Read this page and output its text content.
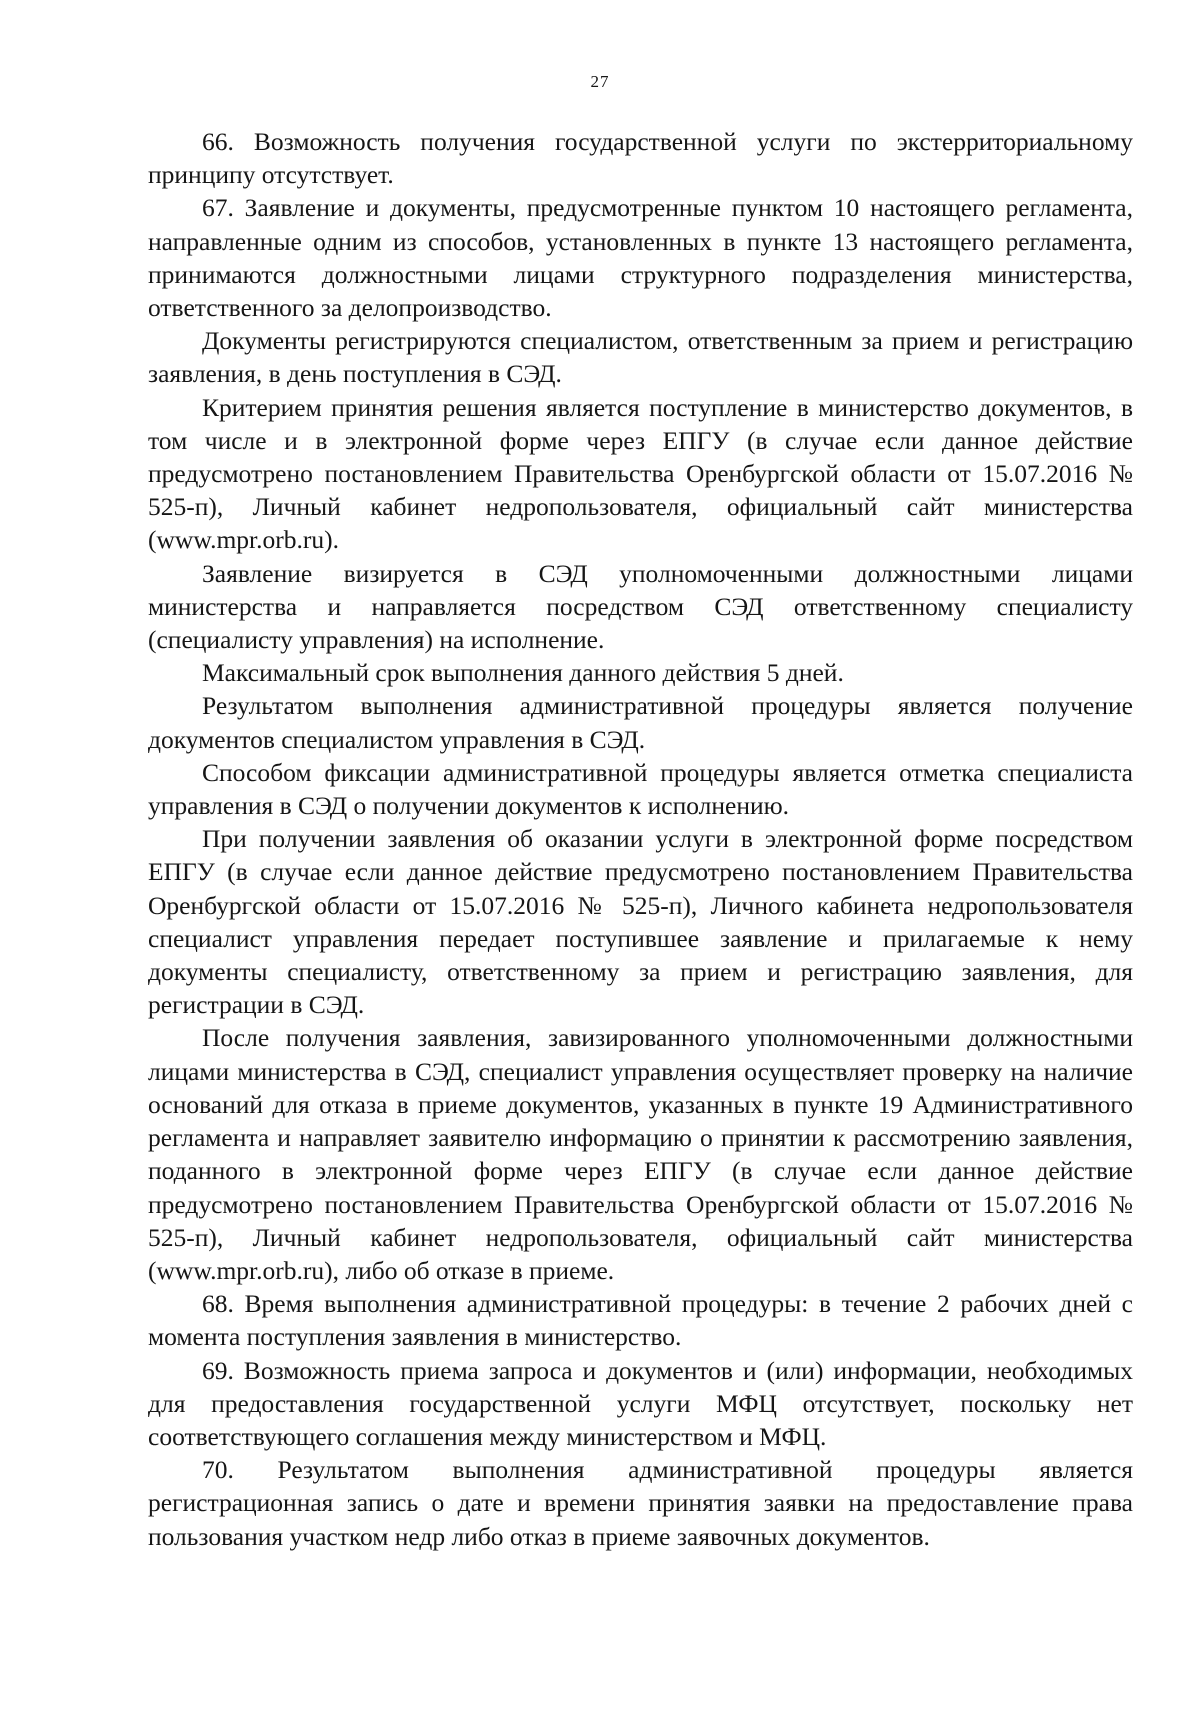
27

66. Возможность получения государственной услуги по экстерриториальному принципу отсутствует.

67. Заявление и документы, предусмотренные пунктом 10 настоящего регламента, направленные одним из способов, установленных в пункте 13 настоящего регламента, принимаются должностными лицами структурного подразделения министерства, ответственного за делопроизводство.

Документы регистрируются специалистом, ответственным за прием и регистрацию заявления, в день поступления в СЭД.

Критерием принятия решения является поступление в министерство документов, в том числе и в электронной форме через ЕПГУ (в случае если данное действие предусмотрено постановлением Правительства Оренбургской области от 15.07.2016 № 525-п), Личный кабинет недропользователя, официальный сайт министерства (www.mpr.orb.ru).

Заявление визируется в СЭД уполномоченными должностными лицами министерства и направляется посредством СЭД ответственному специалисту (специалисту управления) на исполнение.

Максимальный срок выполнения данного действия 5 дней.

Результатом выполнения административной процедуры является получение документов специалистом управления в СЭД.

Способом фиксации административной процедуры является отметка специалиста управления в СЭД о получении документов к исполнению.

При получении заявления об оказании услуги в электронной форме посредством ЕПГУ (в случае если данное действие предусмотрено постановлением Правительства Оренбургской области от 15.07.2016 № 525-п), Личного кабинета недропользователя специалист управления передает поступившее заявление и прилагаемые к нему документы специалисту, ответственному за прием и регистрацию заявления, для регистрации в СЭД.

После получения заявления, завизированного уполномоченными должностными лицами министерства в СЭД, специалист управления осуществляет проверку на наличие оснований для отказа в приеме документов, указанных в пункте 19 Административного регламента и направляет заявителю информацию о принятии к рассмотрению заявления, поданного в электронной форме через ЕПГУ (в случае если данное действие предусмотрено постановлением Правительства Оренбургской области от 15.07.2016 № 525-п), Личный кабинет недропользователя, официальный сайт министерства (www.mpr.orb.ru), либо об отказе в приеме.

68. Время выполнения административной процедуры: в течение 2 рабочих дней с момента поступления заявления в министерство.

69. Возможность приема запроса и документов и (или) информации, необходимых для предоставления государственной услуги МФЦ отсутствует, поскольку нет соответствующего соглашения между министерством и МФЦ.

70. Результатом выполнения административной процедуры является регистрационная запись о дате и времени принятия заявки на предоставление права пользования участком недр либо отказ в приеме заявочных документов.
